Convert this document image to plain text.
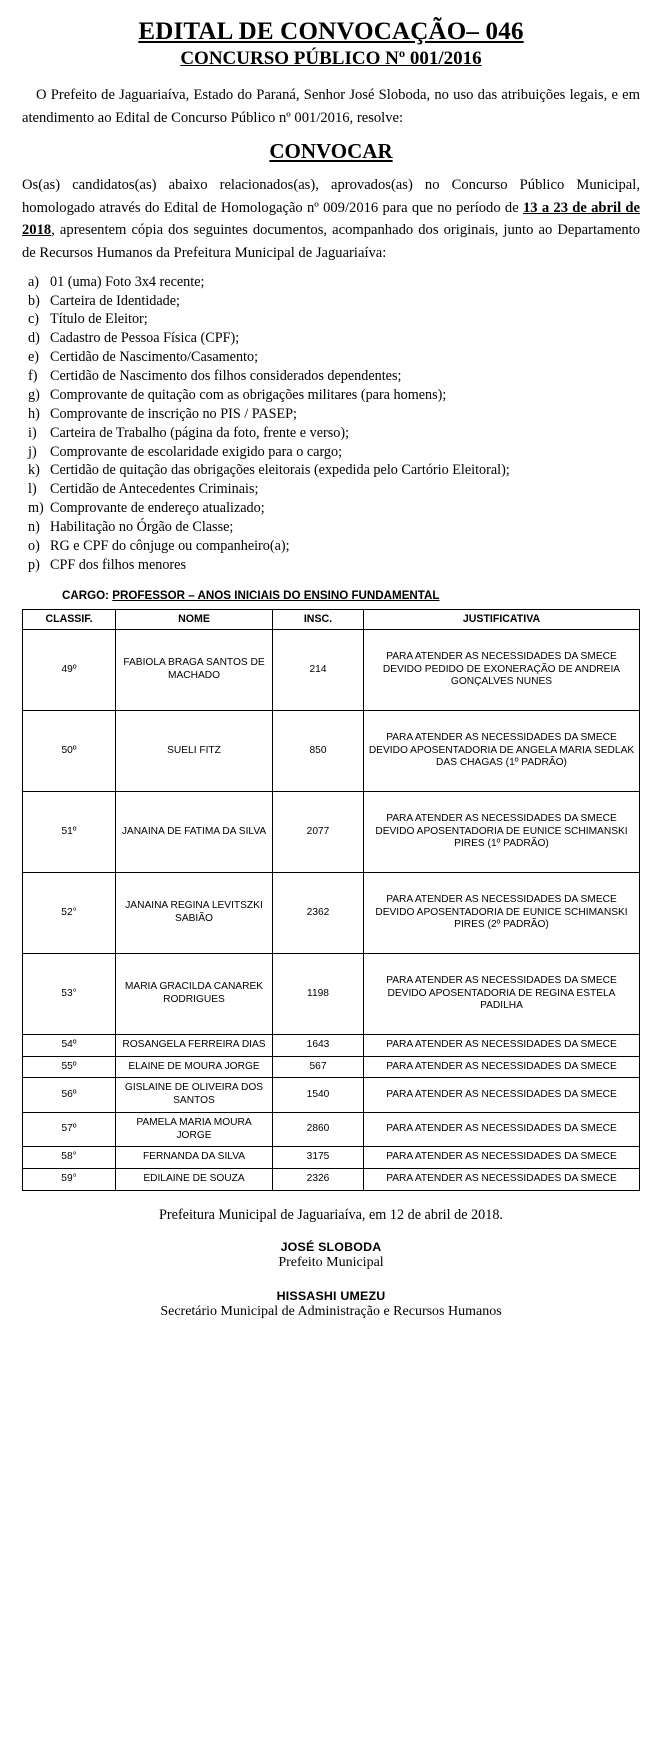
EDITAL DE CONVOCAÇÃO– 046
CONCURSO PÚBLICO Nº 001/2016

O Prefeito de Jaguariaíva, Estado do Paraná, Senhor José Sloboda, no uso das atribuições legais, e em atendimento ao Edital de Concurso Público nº 001/2016, resolve:

CONVOCAR

Os(as) candidatos(as) abaixo relacionados(as), aprovados(as) no Concurso Público Municipal, homologado através do Edital de Homologação nº 009/2016 para que no período de 13 a 23 de abril de 2018, apresentem cópia dos seguintes documentos, acompanhado dos originais, junto ao Departamento de Recursos Humanos da Prefeitura Municipal de Jaguariaíva:

a) 01 (uma) Foto 3x4 recente;
b) Carteira de Identidade;
c) Título de Eleitor;
d) Cadastro de Pessoa Física (CPF);
e) Certidão de Nascimento/Casamento;
f) Certidão de Nascimento dos filhos considerados dependentes;
g) Comprovante de quitação com as obrigações militares (para homens);
h) Comprovante de inscrição no PIS / PASEP;
i) Carteira de Trabalho (página da foto, frente e verso);
j) Comprovante de escolaridade exigido para o cargo;
k) Certidão de quitação das obrigações eleitorais (expedida pelo Cartório Eleitoral);
l) Certidão de Antecedentes Criminais;
m) Comprovante de endereço atualizado;
n) Habilitação no Órgão de Classe;
o) RG e CPF do cônjuge ou companheiro(a);
p) CPF dos filhos menores
CARGO: PROFESSOR – ANOS INICIAIS DO ENSINO FUNDAMENTAL
CLASSIF.	NOME	INSC.	JUSTIFICATIVA
49º	FABIOLA BRAGA SANTOS DE MACHADO	214	PARA ATENDER AS NECESSIDADES DA SMECE DEVIDO PEDIDO DE EXONERAÇÃO DE ANDREIA GONÇALVES NUNES
50º	SUELI FITZ	850	PARA ATENDER AS NECESSIDADES DA SMECE DEVIDO APOSENTADORIA DE ANGELA MARIA SEDLAK DAS CHAGAS (1º PADRÃO)
51º	JANAINA DE FATIMA DA SILVA	2077	PARA ATENDER AS NECESSIDADES DA SMECE DEVIDO APOSENTADORIA DE EUNICE SCHIMANSKI PIRES (1º PADRÃO)
52°	JANAINA REGINA LEVITSZKI SABIÃO	2362	PARA ATENDER AS NECESSIDADES DA SMECE DEVIDO APOSENTADORIA DE EUNICE SCHIMANSKI PIRES (2º PADRÃO)
53°	MARIA GRACILDA CANAREK RODRIGUES	1198	PARA ATENDER AS NECESSIDADES DA SMECE DEVIDO APOSENTADORIA DE REGINA ESTELA PADILHA
54º	ROSANGELA FERREIRA DIAS	1643	PARA ATENDER AS NECESSIDADES DA SMECE
55º	ELAINE DE MOURA JORGE	567	PARA ATENDER AS NECESSIDADES DA SMECE
56º	GISLAINE DE OLIVEIRA DOS SANTOS	1540	PARA ATENDER AS NECESSIDADES DA SMECE
57º	PAMELA MARIA MOURA JORGE	2860	PARA ATENDER AS NECESSIDADES DA SMECE
58°	FERNANDA DA SILVA	3175	PARA ATENDER AS NECESSIDADES DA SMECE
59°	EDILAINE DE SOUZA	2326	PARA ATENDER AS NECESSIDADES DA SMECE
Prefeitura Municipal de Jaguariaíva, em 12 de abril de 2018.
JOSÉ SLOBODA
Prefeito Municipal
HISSASHI UMEZU
Secretário Municipal de Administração e Recursos Humanos
